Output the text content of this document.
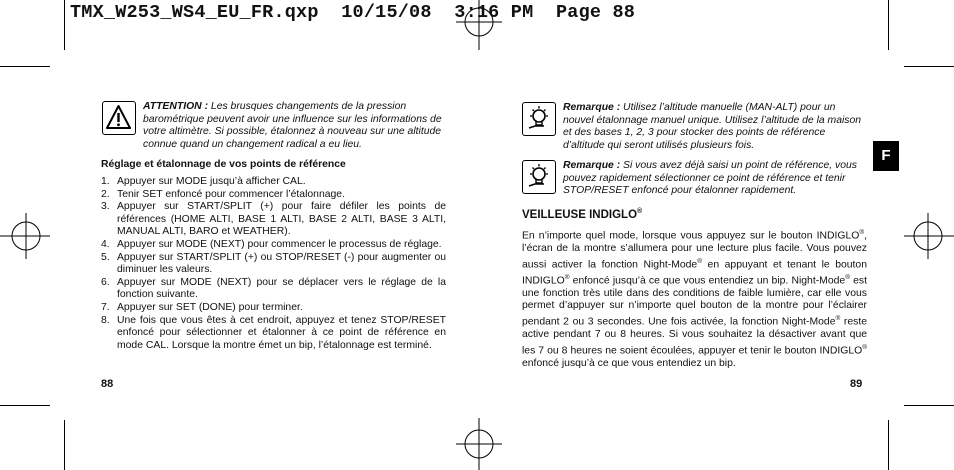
TMX_W253_WS4_EU_FR.qxp  10/15/08  3:16 PM  Page 88
ATTENTION : Les brusques changements de la pression barométrique peuvent avoir une influence sur les informations de votre altimètre. Si possible, étalonnez à nouveau sur une altitude connue quand un changement radical a eu lieu.
Réglage et étalonnage de vos points de référence
1. Appuyer sur MODE jusqu’à afficher CAL.
2. Tenir SET enfoncé pour commencer l’étalonnage.
3. Appuyer sur START/SPLIT (+) pour faire défiler les points de références (HOME ALTI, BASE 1 ALTI, BASE 2 ALTI, BASE 3 ALTI, MANUAL ALTI, BARO et WEATHER).
4. Appuyer sur MODE (NEXT) pour commencer le processus de réglage.
5. Appuyer sur START/SPLIT (+) ou STOP/RESET (-) pour augmenter ou diminuer les valeurs.
6. Appuyer sur MODE (NEXT) pour se déplacer vers le réglage de la fonction suivante.
7. Appuyer sur SET (DONE) pour terminer.
8. Une fois que vous êtes à cet endroit, appuyez et tenez STOP/RESET enfoncé pour sélectionner et étalonner à ce point de référence en mode CAL. Lorsque la montre émet un bip, l’étalonnage est terminé.
88
Remarque : Utilisez l’altitude manuelle (MAN-ALT) pour un nouvel étalonnage manuel unique. Utilisez l’altitude de la maison et des bases 1, 2, 3 pour stocker des points de référence d’altitude qui seront utilisés plusieurs fois.
Remarque : Si vous avez déjà saisi un point de référence, vous pouvez rapidement sélectionner ce point de référence et tenir STOP/RESET enfoncé pour étalonner rapidement.
VEILLEUSE INDIGLO®
En n’importe quel mode, lorsque vous appuyez sur le bouton INDIGLO®, l’écran de la montre s’allumera pour une lecture plus facile. Vous pouvez aussi activer la fonction Night-Mode® en appuyant et tenant le bouton INDIGLO® enfoncé jusqu’à ce que vous entendiez un bip. Night-Mode® est une fonction très utile dans des conditions de faible lumière, car elle vous permet d’appuyer sur n’importe quel bouton de la montre pour l’éclairer pendant 2 ou 3 secondes. Une fois activée, la fonction Night-Mode® reste active pendant 7 ou 8 heures. Si vous souhaitez la désactiver avant que les 7 ou 8 heures ne soient écoulées, appuyer et tenir le bouton INDIGLO® enfoncé jusqu’à ce que vous entendiez un bip.
89
F
